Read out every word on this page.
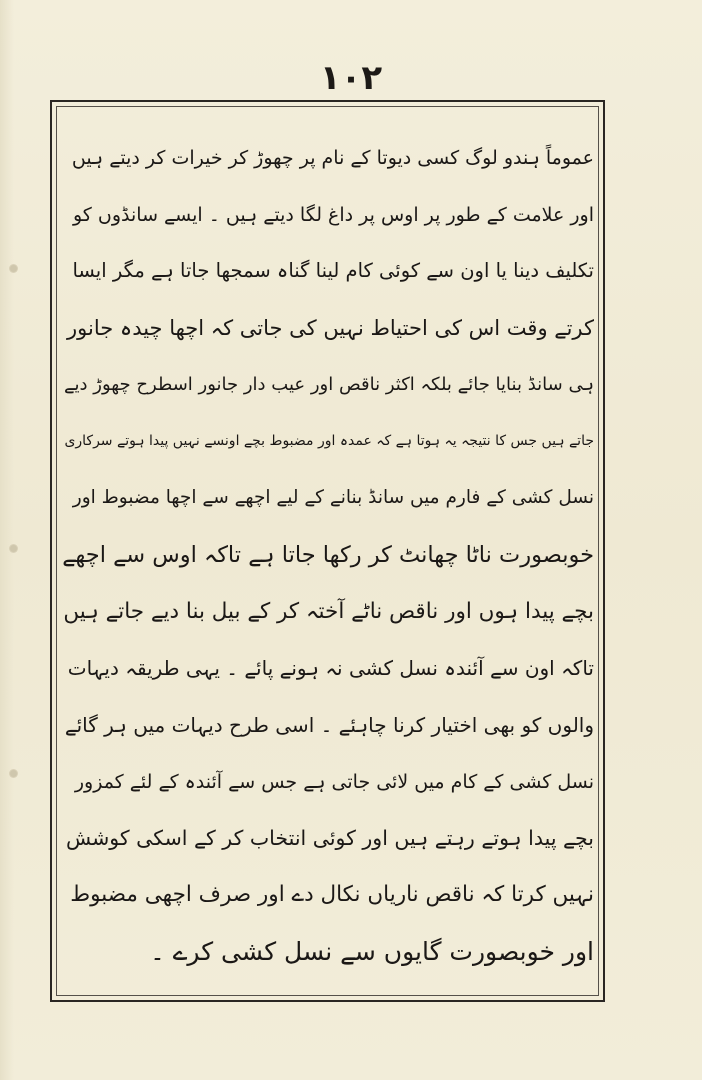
۱۰۲
عموماً ہندو لوگ کسی دیوتا کے نام پر چھوڑ کر خیرات کر دیتے ہیں
اور علامت کے طور پر اوس پر داغ لگا دیتے ہیں ۔ ایسے سانڈوں کو
تکلیف دینا یا اون سے کوئی کام لینا گناہ سمجھا جاتا ہے مگر ایسا
کرتے وقت اس کی احتیاط نہیں کی جاتی کہ اچھا چیدہ جانور
ہی سانڈ بنایا جائے بلکہ اکثر ناقص اور عیب دار جانور اسطرح چھوڑ دیے
جاتے ہیں جس کا نتیجہ یہ ہوتا ہے کہ عمدہ اور مضبوط بچے اونسے نہیں پیدا ہوتے سرکاری
نسل کشی کے فارم میں سانڈ بنانے کے لیے اچھے سے اچھا مضبوط اور
خوبصورت ناٹا چھانٹ کر رکھا جاتا ہے تاکہ اوس سے اچھے
بچے پیدا ہوں اور ناقص ناٹے آختہ کر کے بیل بنا دیے جاتے ہیں
تاکہ اون سے آئندہ نسل کشی نہ ہونے پائے ۔ یہی طریقہ دیہات
والوں کو بھی اختیار کرنا چاہئے ۔ اسی طرح دیہات میں ہر گائے
نسل کشی کے کام میں لائی جاتی ہے جس سے آئندہ کے لئے کمزور
بچے پیدا ہوتے رہتے ہیں اور کوئی انتخاب کر کے اسکی کوشش
نہیں کرتا کہ ناقص ناریاں نکال دے اور صرف اچھی مضبوط
اور خوبصورت گایوں سے نسل کشی کرے ۔
